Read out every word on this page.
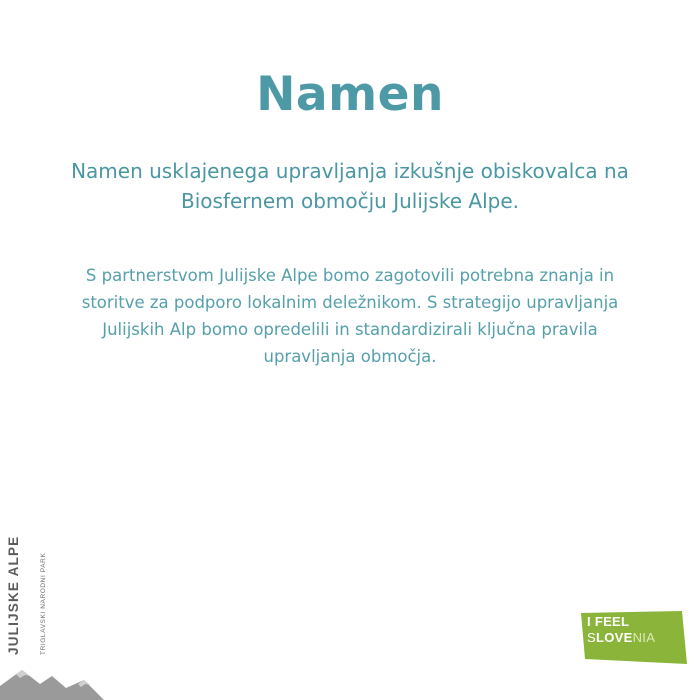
Namen

Namen usklajenega upravljanja izkušnje obiskovalca na Biosfernem območju Julijske Alpe.

S partnerstvom Julijske Alpe bomo zagotovili potrebna znanja in storitve za podporo lokalnim deležnikom. S strategijo upravljanja Julijskih Alp bomo opredelili in standardizirali ključna pravila upravljanja območja.

JULIJSKE ALPE	TRIGLAVSKI NARODNI PARK	I FEEL
SLOVENIA
